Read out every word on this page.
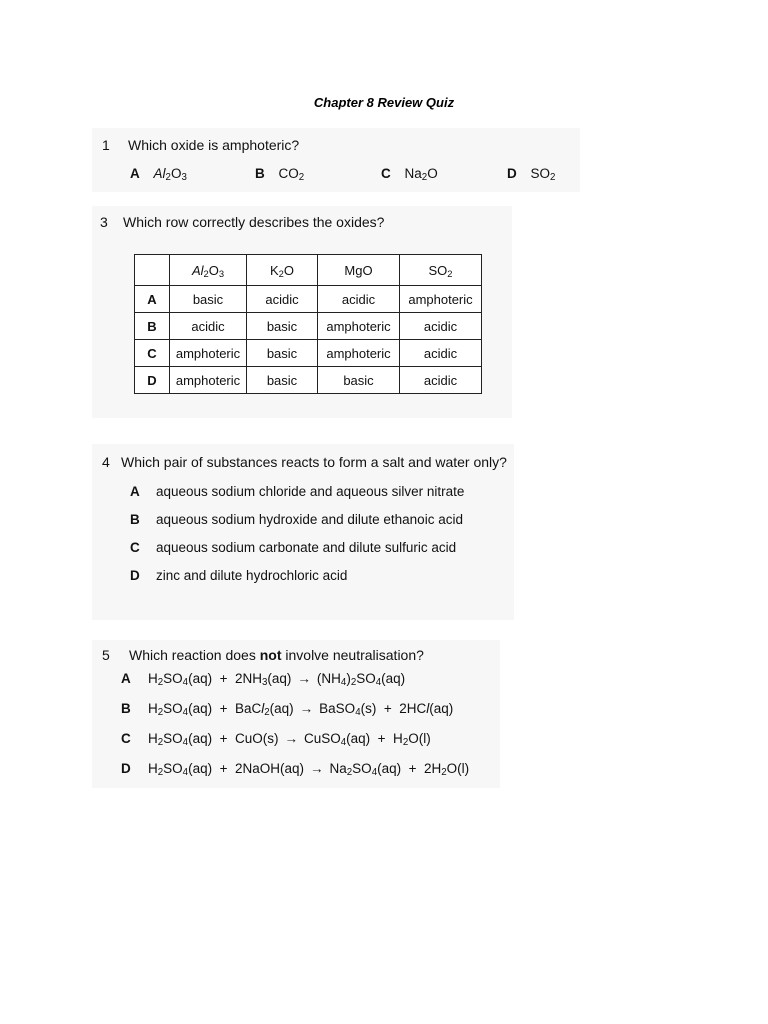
Chapter 8 Review Quiz
1 Which oxide is amphoteric?
A $Al_2O_3$	B $CO_2$	C $Na_2O$	D $SO_2$
3 Which row correctly describes the oxides?
	$Al_2O_3$	$K_2O$	MgO	$SO_2$
A	basic	acidic	acidic	amphoteric
B	acidic	basic	amphoteric	acidic
C	amphoteric	basic	amphoteric	acidic
D	amphoteric	basic	basic	acidic
4 Which pair of substances reacts to form a salt and water only?
A aqueous sodium chloride and aqueous silver nitrate
B aqueous sodium hydroxide and dilute ethanoic acid
C aqueous sodium carbonate and dilute sulfuric acid
D zinc and dilute hydrochloric acid
5 Which reaction does not involve neutralisation?
A $H_2SO_4(aq) + 2NH_3(aq) \to (NH_4)_2SO_4(aq)$
B $H_2SO_4(aq)$  +  BaCl$_2$(aq) → BaSO$_4$(s)  +  2HCl(aq)
C $H_2SO_4(aq) + CuO(s)$ → CuSO$_4$(aq)  +  $H_2O(l)$
D $H_2SO_4(aq)$  +  2NaOH(aq) → $Na_2SO_4(aq) + 2H_2O(l)$
